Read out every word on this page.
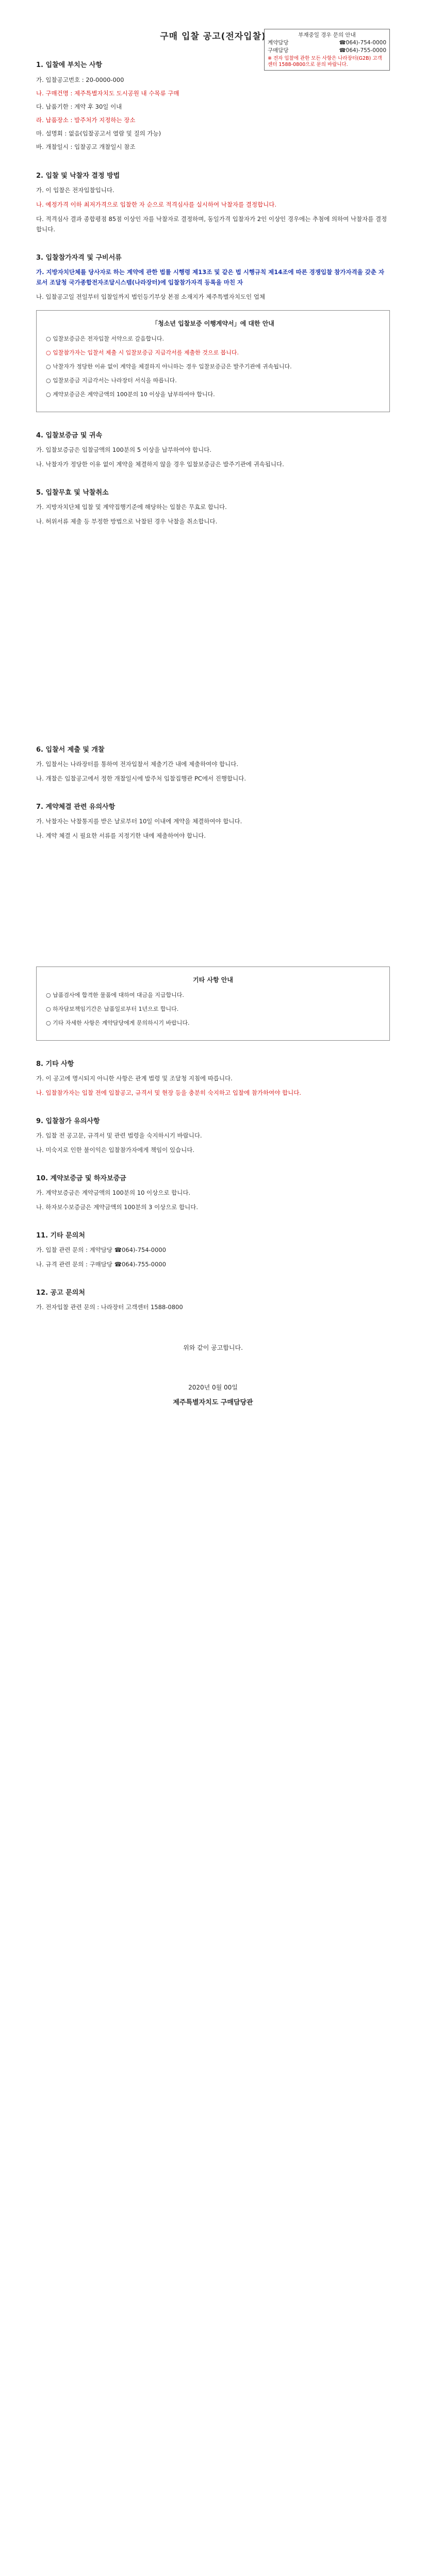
구매 입찰 공고(전자입찰)	부재중일 경우 문의 안내
계약담당	☎064)-754-0000
구매담당	☎064)-755-0000
※ 전자 입찰에 관한 모든 사항은 나라장터(G2B) 고객센터 1588-0800으로 문의 바랍니다.
1. 입찰에 부치는 사항
가. 입찰공고번호 : 20-0000-000
나. 구매건명 : 제주특별자치도 도시공원 내 수목류 구매
다. 납품기한 : 계약 후 30일 이내
라. 납품장소 : 발주처가 지정하는 장소
마. 설명회 : 없음(입찰공고서 열람 및 질의 가능)
바. 개찰일시 : 입찰공고 개찰일시 참조
2. 입찰 및 낙찰자 결정 방법

가. 이 입찰은 전자입찰입니다.

나. 예정가격 이하 최저가격으로 입찰한 자 순으로 적격심사를 실시하여 낙찰자를 결정합니다.

다. 적격심사 결과 종합평점 85점 이상인 자를 낙찰자로 결정하며, 동일가격 입찰자가 2인 이상인 경우에는 추첨에 의하여 낙찰자를 결정합니다.

3. 입찰참가자격 및 구비서류

가. 지방자치단체를 당사자로 하는 계약에 관한 법률 시행령 제13조 및 같은 법 시행규칙 제14조에 따른 경쟁입찰 참가자격을 갖춘 자로서 조달청 국가종합전자조달시스템(나라장터)에 입찰참가자격 등록을 마친 자

나. 입찰공고일 전일부터 입찰일까지 법인등기부상 본점 소재지가 제주특별자치도인 업체

「청소년 입찰보증 이행계약서」에 대한 안내

○ 입찰보증금은 전자입찰 서약으로 갈음합니다.

○ 입찰참가자는 입찰서 제출 시 입찰보증금 지급각서를 제출한 것으로 봅니다.

○ 낙찰자가 정당한 이유 없이 계약을 체결하지 아니하는 경우 입찰보증금은 발주기관에 귀속됩니다.

○ 입찰보증금 지급각서는 나라장터 서식을 따릅니다.

○ 계약보증금은 계약금액의 100분의 10 이상을 납부하여야 합니다.

4. 입찰보증금 및 귀속

가. 입찰보증금은 입찰금액의 100분의 5 이상을 납부하여야 합니다.

나. 낙찰자가 정당한 이유 없이 계약을 체결하지 않을 경우 입찰보증금은 발주기관에 귀속됩니다.

5. 입찰무효 및 낙찰취소

가. 지방자치단체 입찰 및 계약집행기준에 해당하는 입찰은 무효로 합니다.

나. 허위서류 제출 등 부정한 방법으로 낙찰된 경우 낙찰을 취소합니다.

6. 입찰서 제출 및 개찰

가. 입찰서는 나라장터를 통하여 전자입찰서 제출기간 내에 제출하여야 합니다.

나. 개찰은 입찰공고에서 정한 개찰일시에 발주처 입찰집행관 PC에서 진행합니다.

7. 계약체결 관련 유의사항

가. 낙찰자는 낙찰통지를 받은 날로부터 10일 이내에 계약을 체결하여야 합니다.

나. 계약 체결 시 필요한 서류를 지정기한 내에 제출하여야 합니다.

기타 사항 안내

○ 납품검사에 합격한 물품에 대하여 대금을 지급합니다.

○ 하자담보책임기간은 납품일로부터 1년으로 합니다.

○ 기타 자세한 사항은 계약담당에게 문의하시기 바랍니다.

8. 기타 사항

가. 이 공고에 명시되지 아니한 사항은 관계 법령 및 조달청 지침에 따릅니다.

나. 입찰참가자는 입찰 전에 입찰공고, 규격서 및 현장 등을 충분히 숙지하고 입찰에 참가하여야 합니다.

9. 입찰참가 유의사항

가. 입찰 전 공고문, 규격서 및 관련 법령을 숙지하시기 바랍니다.

나. 미숙지로 인한 불이익은 입찰참가자에게 책임이 있습니다.

10. 계약보증금 및 하자보증금

가. 계약보증금은 계약금액의 100분의 10 이상으로 합니다.

나. 하자보수보증금은 계약금액의 100분의 3 이상으로 합니다.

11. 기타 문의처

가. 입찰 관련 문의 : 계약담당 ☎064)-754-0000

나. 규격 관련 문의 : 구매담당 ☎064)-755-0000

12. 공고 문의처

가. 전자입찰 관련 문의 : 나라장터 고객센터 1588-0800

위와 같이 공고합니다.
2020년 0월 00일
제주특별자치도 구매담당관
